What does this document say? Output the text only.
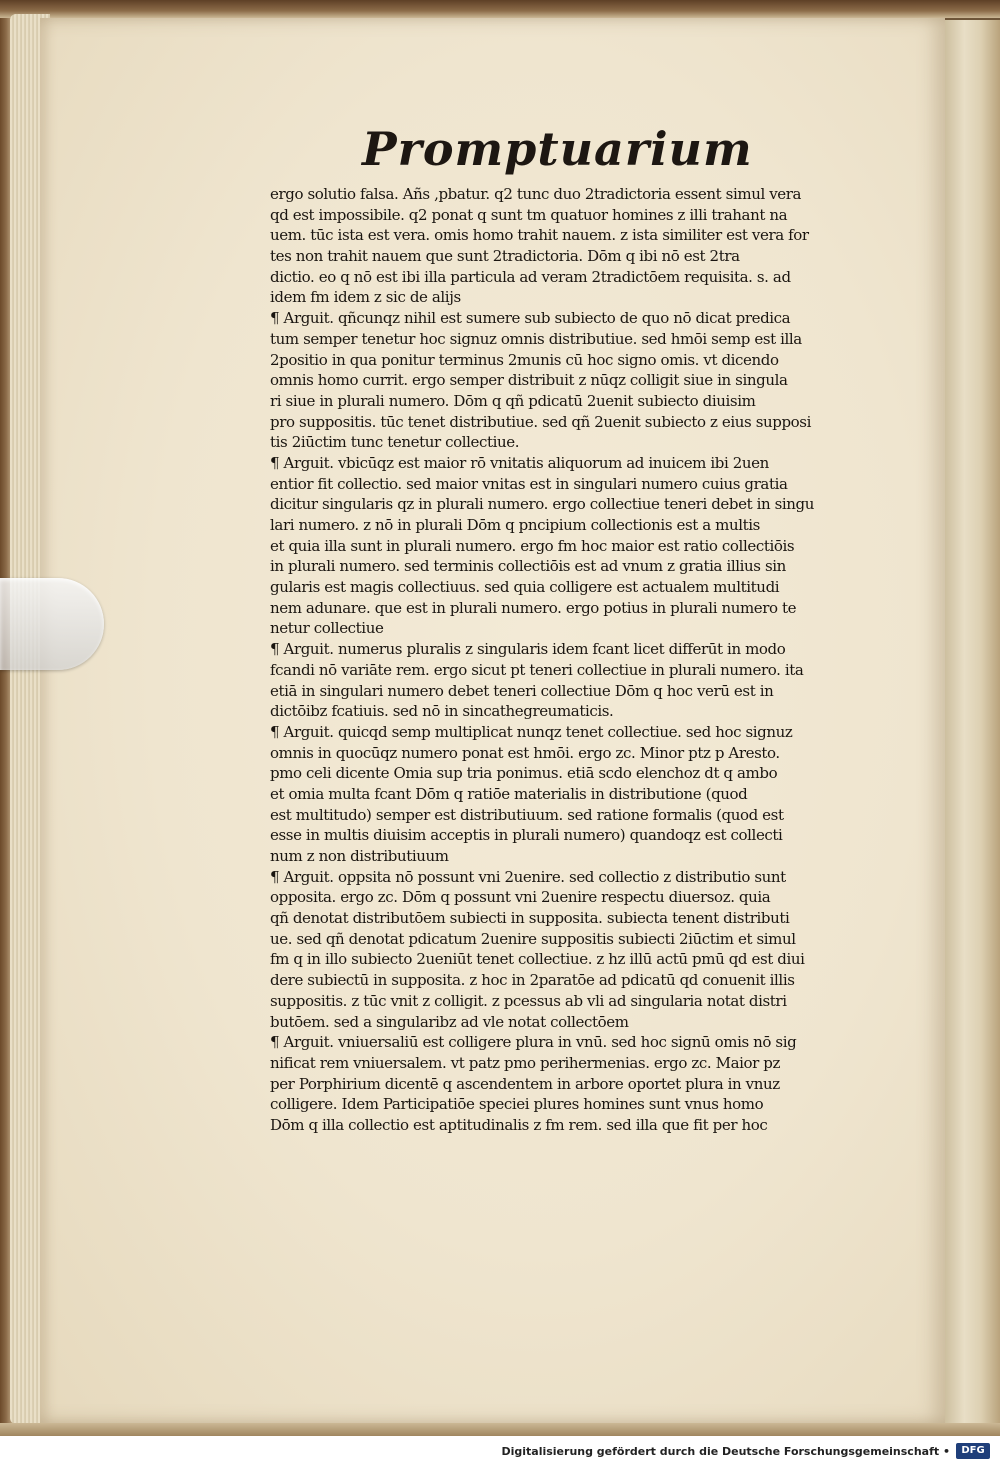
Promptuarium
ergo solutio falsa. Añs ,pbatur. q2 tunc duo 2tradictoria essent simul vera
qd est impossibile. q2 ponat q sunt tm quatuor homines z illi trahant na
uem. tūc ista est vera. omis homo trahit nauem. z ista similiter est vera for
tes non trahit nauem que sunt 2tradictoria. Dōm q ibi nō est 2tra
dictio. eo q nō est ibi illa particula ad veram 2tradictōem requisita. s. ad
idem fm idem z sic de alijs
¶ Arguit. qñcunqz nihil est sumere sub subiecto de quo nō dicat predica
tum semper tenetur hoc signuz omnis distributiue. sed hmōi semp est illa
2positio in qua ponitur terminus 2munis cū hoc signo omis. vt dicendo
omnis homo currit. ergo semper distribuit z nūqz colligit siue in singula
ri siue in plurali numero. Dōm q qñ pdicatū 2uenit subiecto diuisim
pro suppositis. tūc tenet distributiue. sed qñ 2uenit subiecto z eius supposi
tis 2iūctim tunc tenetur collectiue.
¶ Arguit. vbicūqz est maior rō vnitatis aliquorum ad inuicem ibi 2uen
entior fit collectio. sed maior vnitas est in singulari numero cuius gratia
dicitur singularis qz in plurali numero. ergo collectiue teneri debet in singu
lari numero. z nō in plurali Dōm q pncipium collectionis est a multis
et quia illa sunt in plurali numero. ergo fm hoc maior est ratio collectiōis
in plurali numero. sed terminis collectiōis est ad vnum z gratia illius sin
gularis est magis collectiuus. sed quia colligere est actualem multitudi
nem adunare. que est in plurali numero. ergo potius in plurali numero te
netur collectiue
¶ Arguit. numerus pluralis z singularis idem fcant licet differūt in modo
fcandi nō variāte rem. ergo sicut pt teneri collectiue in plurali numero. ita
etiā in singulari numero debet teneri collectiue Dōm q hoc verū est in
dictōibz fcatiuis. sed nō in sincathegreumaticis.
¶ Arguit. quicqd semp multiplicat nunqz tenet collectiue. sed hoc signuz
omnis in quocūqz numero ponat est hmōi. ergo zc. Minor ptz p Aresto.
pmo celi dicente Omia sup tria ponimus. etiā scdo elenchoz dt q ambo
et omia multa fcant Dōm q ratiōe materialis in distributione (quod
est multitudo) semper est distributiuum. sed ratione formalis (quod est
esse in multis diuisim acceptis in plurali numero) quandoqz est collecti
num z non distributiuum
¶ Arguit. oppsita nō possunt vni 2uenire. sed collectio z distributio sunt
opposita. ergo zc. Dōm q possunt vni 2uenire respectu diuersoz. quia
qñ denotat distributōem subiecti in supposita. subiecta tenent distributi
ue. sed qñ denotat pdicatum 2uenire suppositis subiecti 2iūctim et simul
fm q in illo subiecto 2ueniūt tenet collectiue. z hz illū actū pmū qd est diui
dere subiectū in supposita. z hoc in 2paratōe ad pdicatū qd conuenit illis
suppositis. z tūc vnit z colligit. z pcessus ab vli ad singularia notat distri
butōem. sed a singularibz ad vle notat collectōem
¶ Arguit. vniuersaliū est colligere plura in vnū. sed hoc signū omis nō sig
nificat rem vniuersalem. vt patz pmo perihermenias. ergo zc. Maior pz
per Porphirium dicentē q ascendentem in arbore oportet plura in vnuz
colligere. Idem Participatiōe speciei plures homines sunt vnus homo
Dōm q illa collectio est aptitudinalis z fm rem. sed illa que fit per hoc
Digitalisierung gefördert durch die Deutsche Forschungsgemeinschaft •	DFG
